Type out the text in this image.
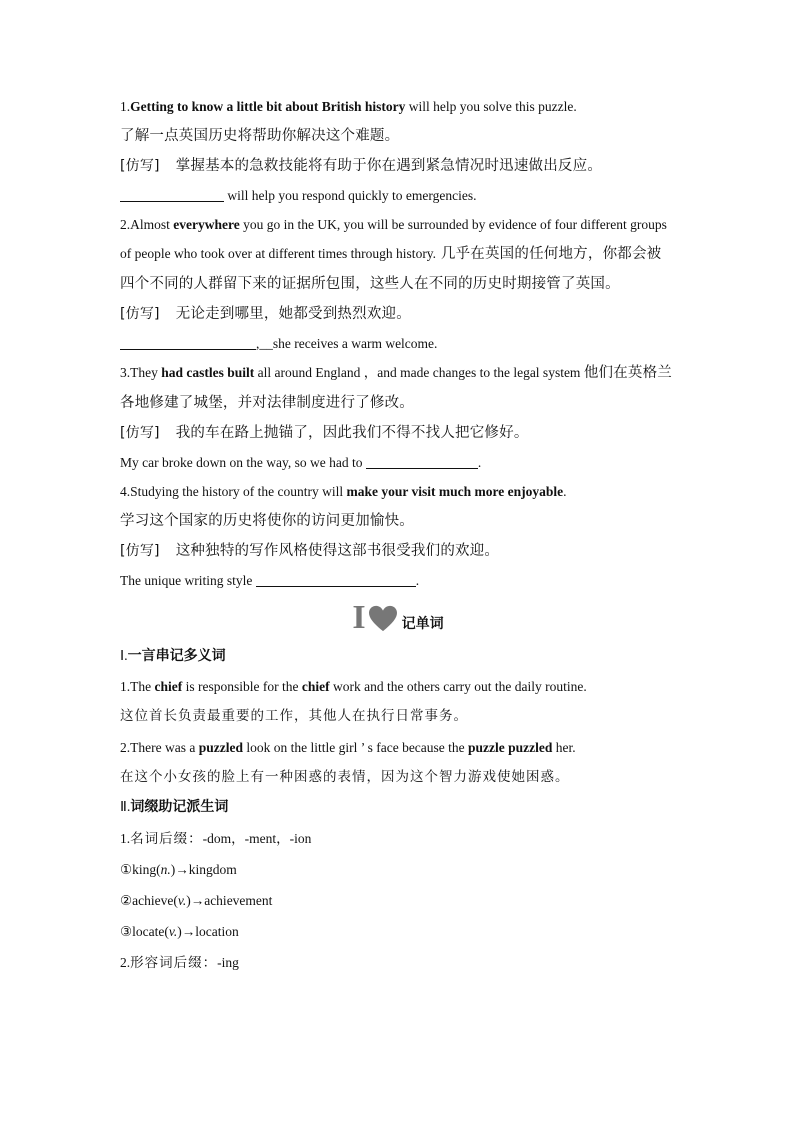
1.Getting to know a little bit about British history will help you solve this puzzle.
了解一点英国历史将帮助你解决这个难题。
[仿写] 掌握基本的急救技能将有助于你在遇到紧急情况时迅速做出反应。
will help you respond quickly to emergencies.
2.Almost everywhere you go in the UK, you will be surrounded by evidence of four different groups of people who took over at different times through history. 几乎在英国的任何地方，你都会被四个不同的人群留下来的证据所包围，这些人在不同的历史时期接管了英国。
[仿写] 无论走到哪里，她都受到热烈欢迎。
,__she receives a warm welcome.
3.They had castles built all around England ，and made changes to the legal system 他们在英格兰各地修建了城堡，并对法律制度进行了修改。
[仿写] 我的车在路上抛锚了，因此我们不得不找人把它修好。
My car broke down on the way, so we had to	.
4.Studying the history of the country will make your visit much more enjoyable.
学习这个国家的历史将使你的访问更加愉快。
[仿写] 这种独特的写作风格使得这部书很受我们的欢迎。
The unique writing style	.
I	记单词
Ⅰ.一言串记多义词
1.The chief is responsible for the chief work and the others carry out the daily routine.
这位首长负责最重要的工作，其他人在执行日常事务。
2.There was a puzzled look on the little girl ’ s face because the puzzle puzzled her.
在这个小女孩的脸上有一种困惑的表情，因为这个智力游戏使她困惑。
Ⅱ.词缀助记派生词
1.名词后缀：-dom，-ment，-ion
①king(n.)→kingdom
②achieve(v.)→achievement
③locate(v.)→location
2.形容词后缀：-ing
